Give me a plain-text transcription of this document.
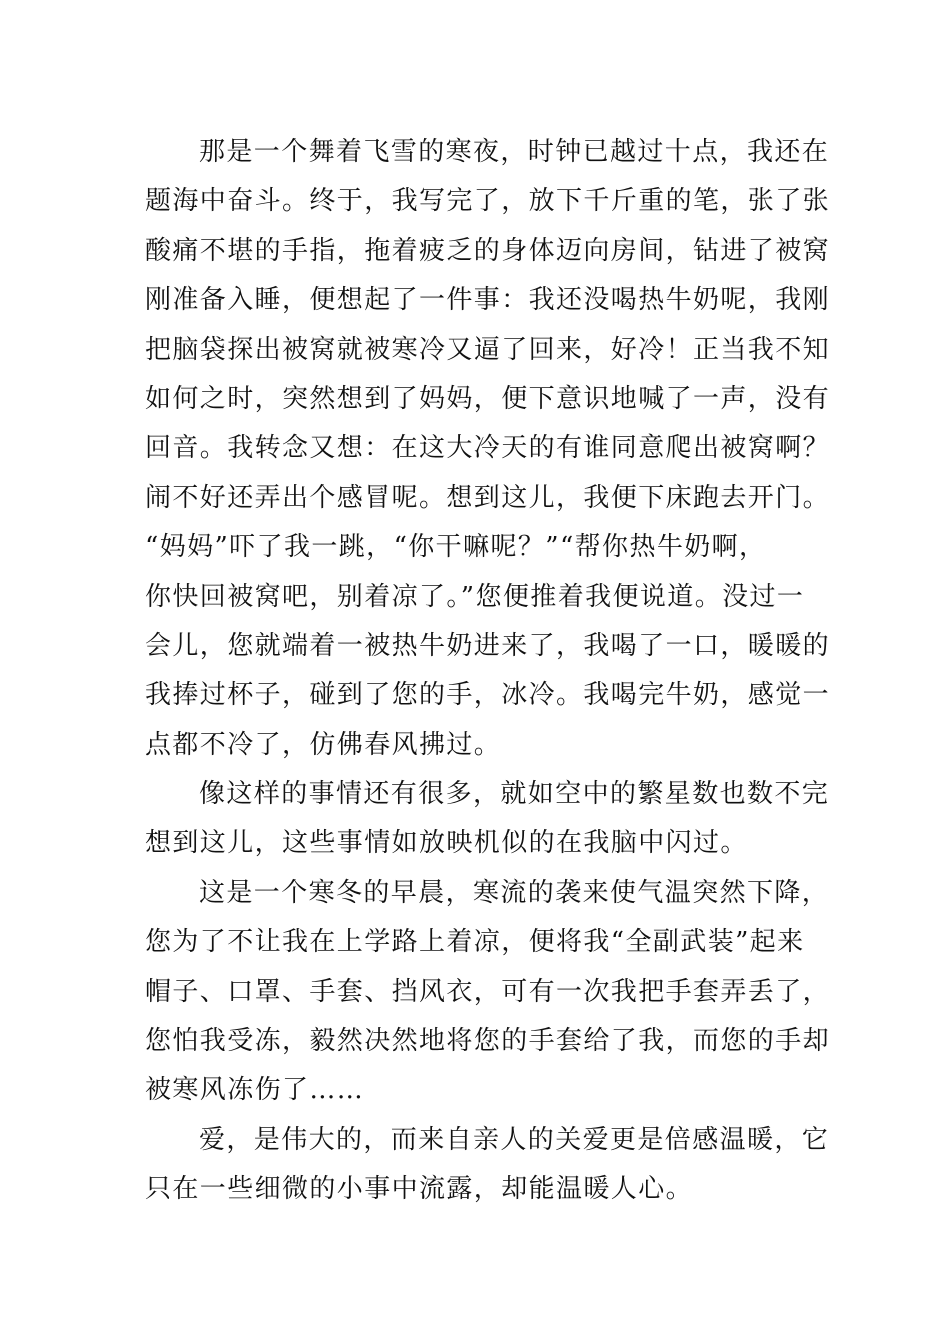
那是一个舞着飞雪的寒夜，时钟已越过十点，我还在
题海中奋斗。终于，我写完了，放下千斤重的笔，张了张
酸痛不堪的手指，拖着疲乏的身体迈向房间，钻进了被窝
刚准备入睡，便想起了一件事：我还没喝热牛奶呢，我刚
把脑袋探出被窝就被寒冷又逼了回来，好冷！正当我不知
如何之时，突然想到了妈妈，便下意识地喊了一声，没有
回音。我转念又想：在这大冷天的有谁同意爬出被窝啊？
闹不好还弄出个感冒呢。想到这儿，我便下床跑去开门。
“妈妈”吓了我一跳，“你干嘛呢？”“帮你热牛奶啊，
你快回被窝吧，别着凉了。”您便推着我便说道。没过一
会儿，您就端着一被热牛奶进来了，我喝了一口，暖暖的
我捧过杯子，碰到了您的手，冰冷。我喝完牛奶，感觉一
点都不冷了，仿佛春风拂过。
像这样的事情还有很多，就如空中的繁星数也数不完
想到这儿，这些事情如放映机似的在我脑中闪过。
这是一个寒冬的早晨，寒流的袭来使气温突然下降，
您为了不让我在上学路上着凉，便将我“全副武装”起来
帽子、口罩、手套、挡风衣，可有一次我把手套弄丢了，
您怕我受冻，毅然决然地将您的手套给了我，而您的手却
被寒风冻伤了……
爱，是伟大的，而来自亲人的关爱更是倍感温暖，它
只在一些细微的小事中流露，却能温暖人心。
